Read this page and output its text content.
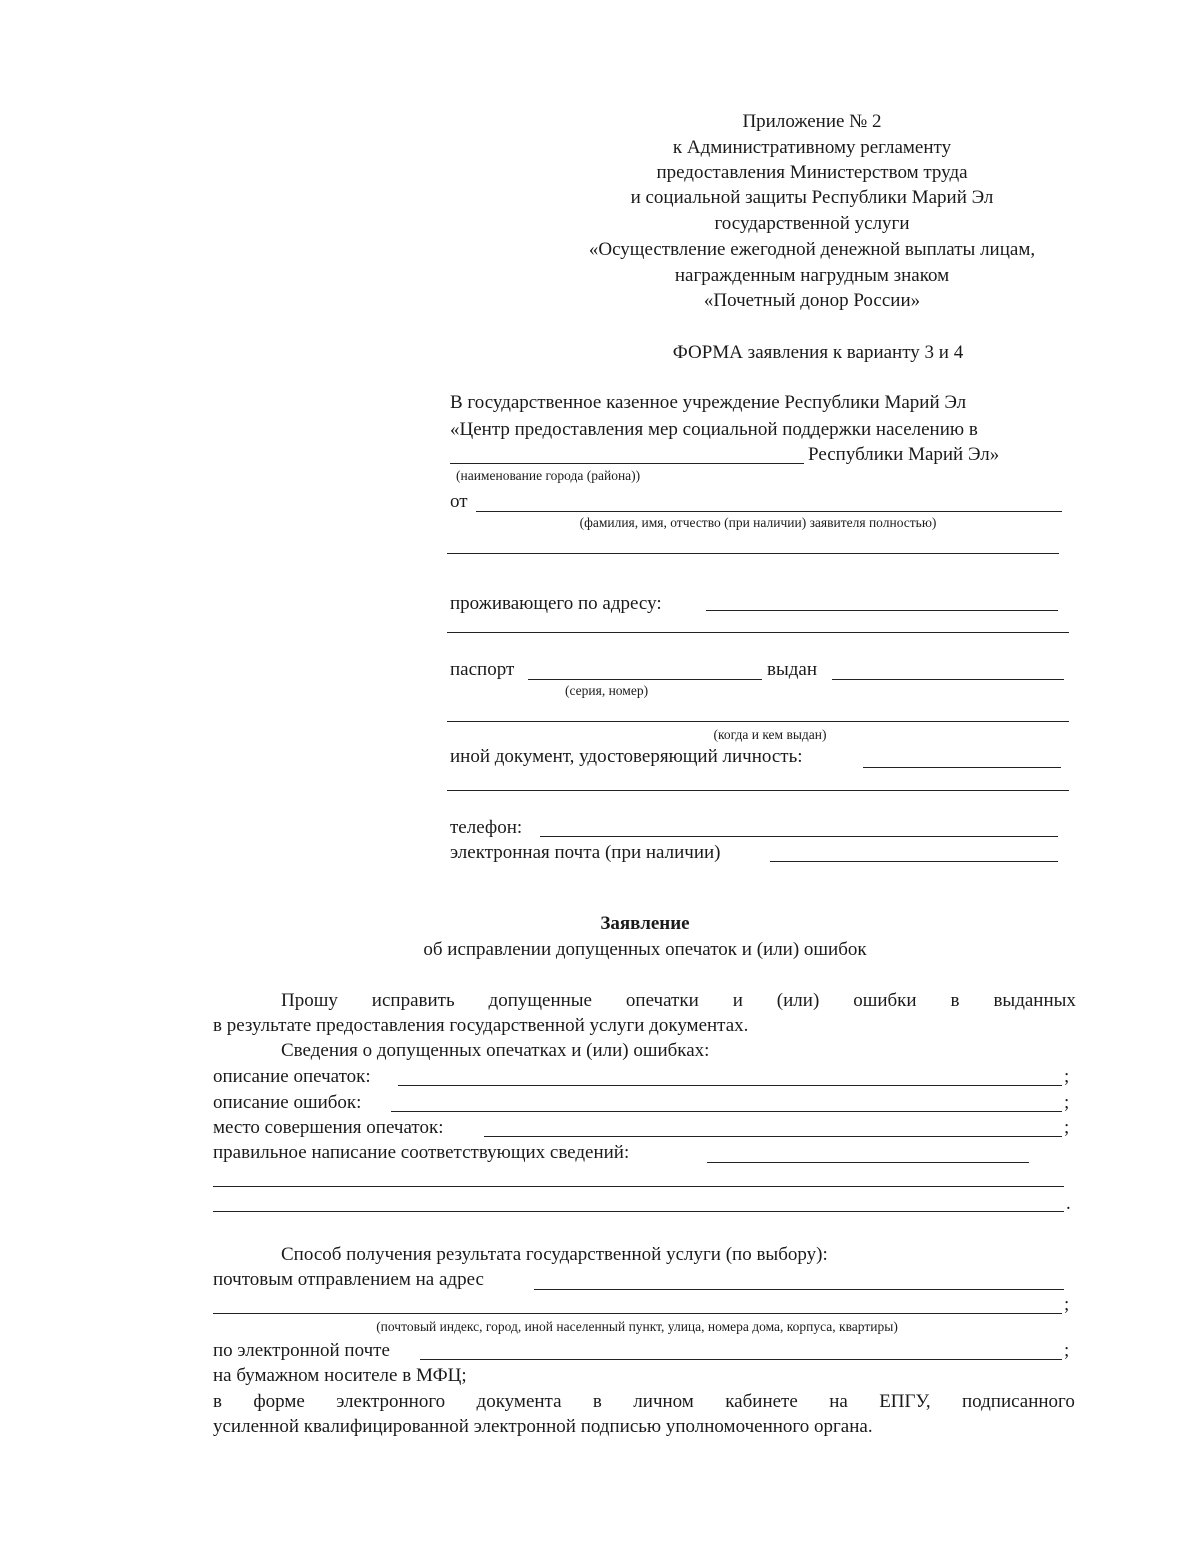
Приложение № 2
к Административному регламенту
предоставления Министерством труда
и социальной защиты Республики Марий Эл
государственной услуги
«Осуществление ежегодной денежной выплаты лицам,
награжденным нагрудным знаком
«Почетный донор России»
ФОРМА заявления к варианту 3 и 4
В государственное казенное учреждение Республики Марий Эл
«Центр предоставления мер социальной поддержки населению в
Республики Марий Эл»
(наименование города (района))
от
(фамилия, имя, отчество (при наличии) заявителя полностью)
проживающего по адресу:
паспорт	выдан
(серия, номер)
(когда и кем выдан)
иной документ, удостоверяющий личность:
телефон:
электронная почта (при наличии)
Заявление
об исправлении допущенных опечаток и (или) ошибок
Прошу исправить допущенные опечатки и (или) ошибки в выданных
в результате предоставления государственной услуги документах.
Сведения о допущенных опечатках и (или) ошибках:
описание опечаток:	;
описание ошибок:	;
место совершения опечаток:	;
правильное написание соответствующих сведений:
.
Способ получения результата государственной услуги (по выбору):
почтовым отправлением на адрес
;
(почтовый индекс, город, иной населенный пункт, улица, номера дома, корпуса, квартиры)
по электронной почте	;
на бумажном носителе в МФЦ;
в форме электронного документа в личном кабинете на ЕПГУ, подписанного
усиленной квалифицированной электронной подписью уполномоченного органа.
